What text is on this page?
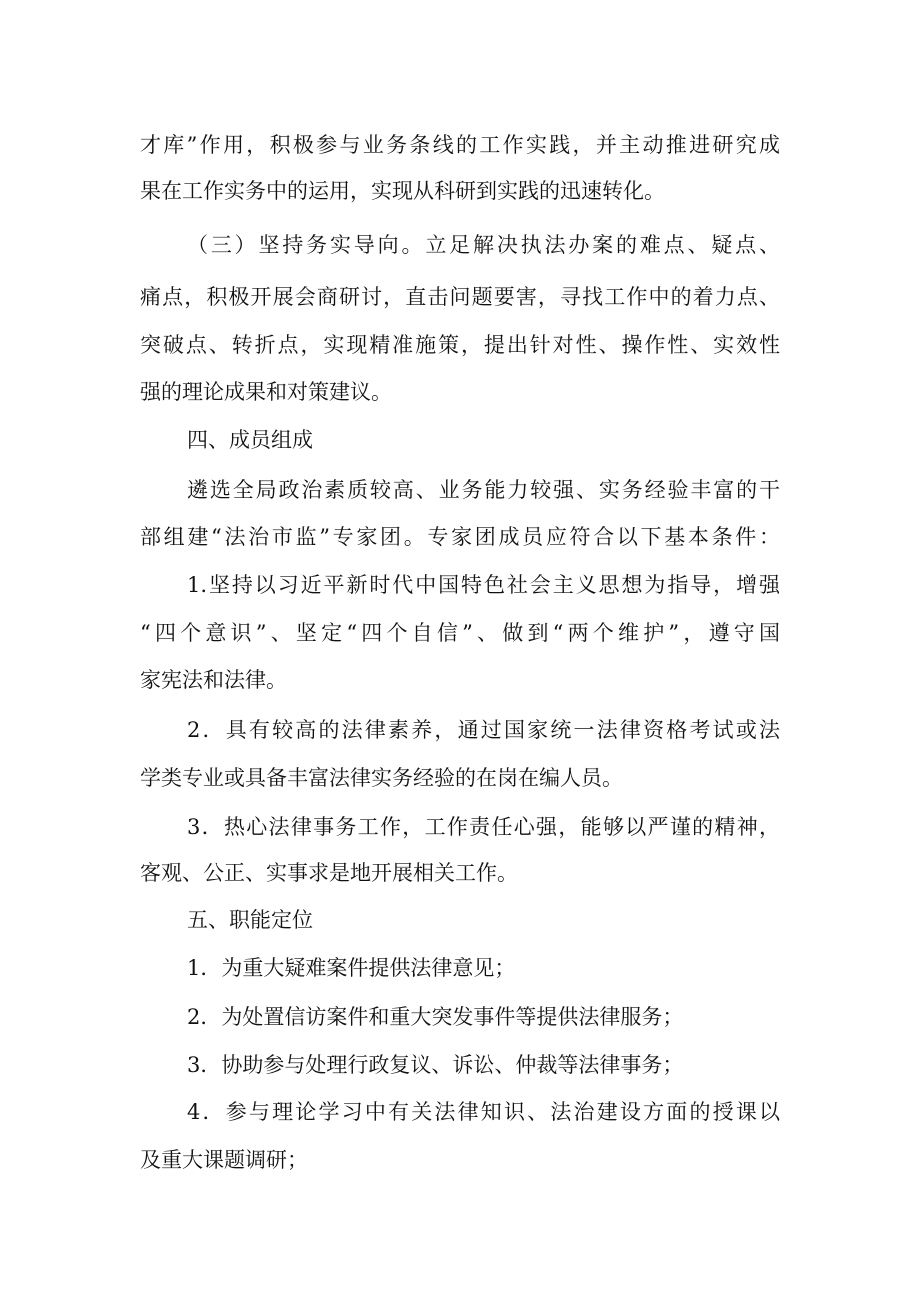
才库”作用，积极参与业务条线的工作实践，并主动推进研究成
果在工作实务中的运用，实现从科研到实践的迅速转化。
（三）坚持务实导向。立足解决执法办案的难点、疑点、
痛点，积极开展会商研讨，直击问题要害，寻找工作中的着力点、
突破点、转折点，实现精准施策，提出针对性、操作性、实效性
强的理论成果和对策建议。
四、成员组成
遴选全局政治素质较高、业务能力较强、实务经验丰富的干
部组建“法治市监”专家团。专家团成员应符合以下基本条件：
1.坚持以习近平新时代中国特色社会主义思想为指导，增强
“四个意识”、坚定“四个自信”、做到“两个维护”，遵守国
家宪法和法律。
2．具有较高的法律素养，通过国家统一法律资格考试或法
学类专业或具备丰富法律实务经验的在岗在编人员。
3．热心法律事务工作，工作责任心强，能够以严谨的精神，
客观、公正、实事求是地开展相关工作。
五、职能定位
1．为重大疑难案件提供法律意见；
2．为处置信访案件和重大突发事件等提供法律服务；
3．协助参与处理行政复议、诉讼、仲裁等法律事务；
4．参与理论学习中有关法律知识、法治建设方面的授课以
及重大课题调研；
